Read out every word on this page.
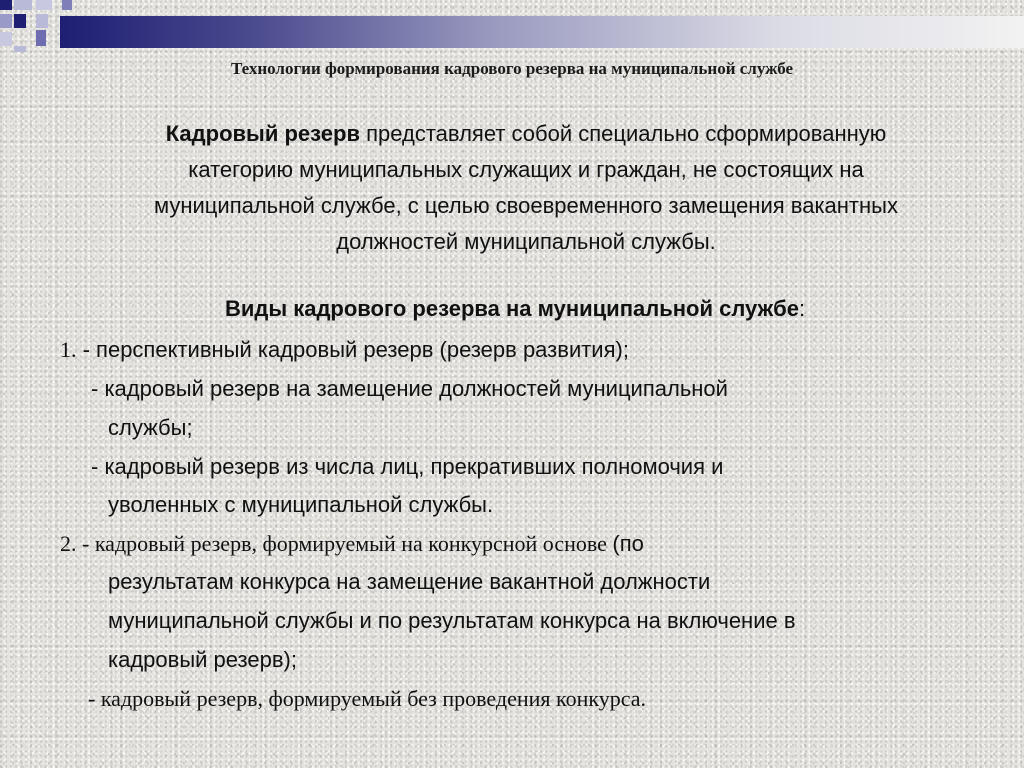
Технологии формирования кадрового резерва на муниципальной службе
Кадровый резерв представляет собой специально сформированную категорию муниципальных служащих и граждан, не состоящих на муниципальной службе, с целью своевременного замещения вакантных должностей муниципальной службы.
Виды кадрового резерва на муниципальной службе:
1. - перспективный кадровый резерв (резерв развития);
- кадровый резерв на замещение должностей муниципальной
службы;
- кадровый резерв из числа лиц, прекративших полномочия и
уволенных с муниципальной службы.
2. - кадровый резерв, формируемый на конкурсной основе (по
результатам конкурса на замещение вакантной должности
муниципальной службы и по результатам конкурса на включение в
кадровый резерв);
- кадровый резерв, формируемый без проведения конкурса.
